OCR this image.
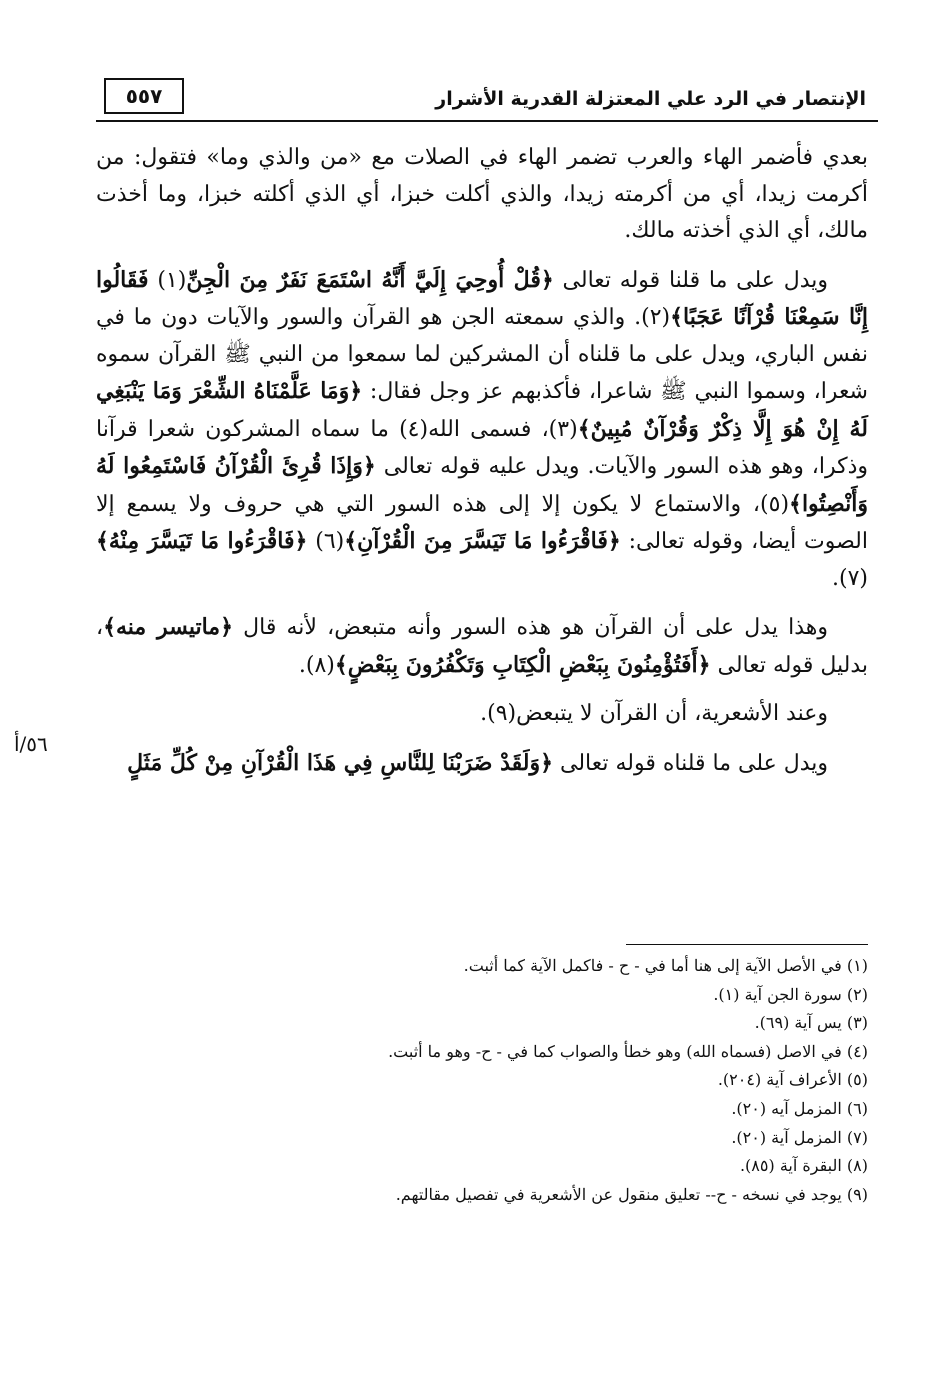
الإنتصار في الرد علي المعتزلة القدرية الأشرار
٥٥٧
٥٦/أ

بعدي فأضمر الهاء والعرب تضمر الهاء في الصلات مع «من والذي وما» فتقول: من أكرمت زيدا، أي من أكرمته زيدا، والذي أكلت خبزا، أي الذي أكلته خبزا، وما أخذت مالك، أي الذي أخذته مالك.

ويدل على ما قلنا قوله تعالى ﴿قُلْ أُوحِيَ إِلَيَّ أَنَّهُ اسْتَمَعَ نَفَرٌ مِنَ الْجِنِّ(١) فَقَالُوا إِنَّا سَمِعْنَا قُرْآنًا عَجَبًا﴾(٢). والذي سمعته الجن هو القرآن والسور والآيات دون ما في نفس الباري، ويدل على ما قلناه أن المشركين لما سمعوا من النبي ﷺ القرآن سموه شعرا، وسموا النبي ﷺ شاعرا، فأكذبهم عز وجل فقال: ﴿وَمَا عَلَّمْنَاهُ الشِّعْرَ وَمَا يَنْبَغِي لَهُ إِنْ هُوَ إِلَّا ذِكْرٌ وَقُرْآنٌ مُبِينٌ﴾(٣)، فسمى الله(٤) ما سماه المشركون شعرا قرآنا وذكرا، وهو هذه السور والآيات. ويدل عليه قوله تعالى ﴿وَإِذَا قُرِئَ الْقُرْآنُ فَاسْتَمِعُوا لَهُ وَأَنْصِتُوا﴾(٥)، والاستماع لا يكون إلا إلى هذه السور التي هي حروف ولا يسمع إلا الصوت أيضا، وقوله تعالى: ﴿فَاقْرَءُوا مَا تَيَسَّرَ مِنَ الْقُرْآنِ﴾(٦) ﴿فَاقْرَءُوا مَا تَيَسَّرَ مِنْهُ﴾(٧).

وهذا يدل على أن القرآن هو هذه السور وأنه متبعض، لأنه قال ﴿ماتيسر منه﴾، بدليل قوله تعالى ﴿أَفَتُؤْمِنُونَ بِبَعْضِ الْكِتَابِ وَتَكْفُرُونَ بِبَعْضٍ﴾(٨).

وعند الأشعرية، أن القرآن لا يتبعض(٩).

ويدل على ما قلناه قوله تعالى ﴿وَلَقَدْ ضَرَبْنَا لِلنَّاسِ فِي هَذَا الْقُرْآنِ مِنْ كُلِّ مَثَلٍ

(١) في الأصل الآية إلى هنا أما في - ح - فاكمل الآية كما أثبت.

(٢) سورة الجن آية (١).

(٣) يس آية (٦٩).

(٤) في الاصل (فسماه الله) وهو خطأ والصواب كما في - ح- وهو ما أثبت.

(٥) الأعراف آية (٢٠٤).

(٦) المزمل آيه (٢٠).

(٧) المزمل آية (٢٠).

(٨) البقرة آية (٨٥).

(٩) يوجد في نسخه - ح-- تعليق منقول عن الأشعرية في تفصيل مقالتهم.
